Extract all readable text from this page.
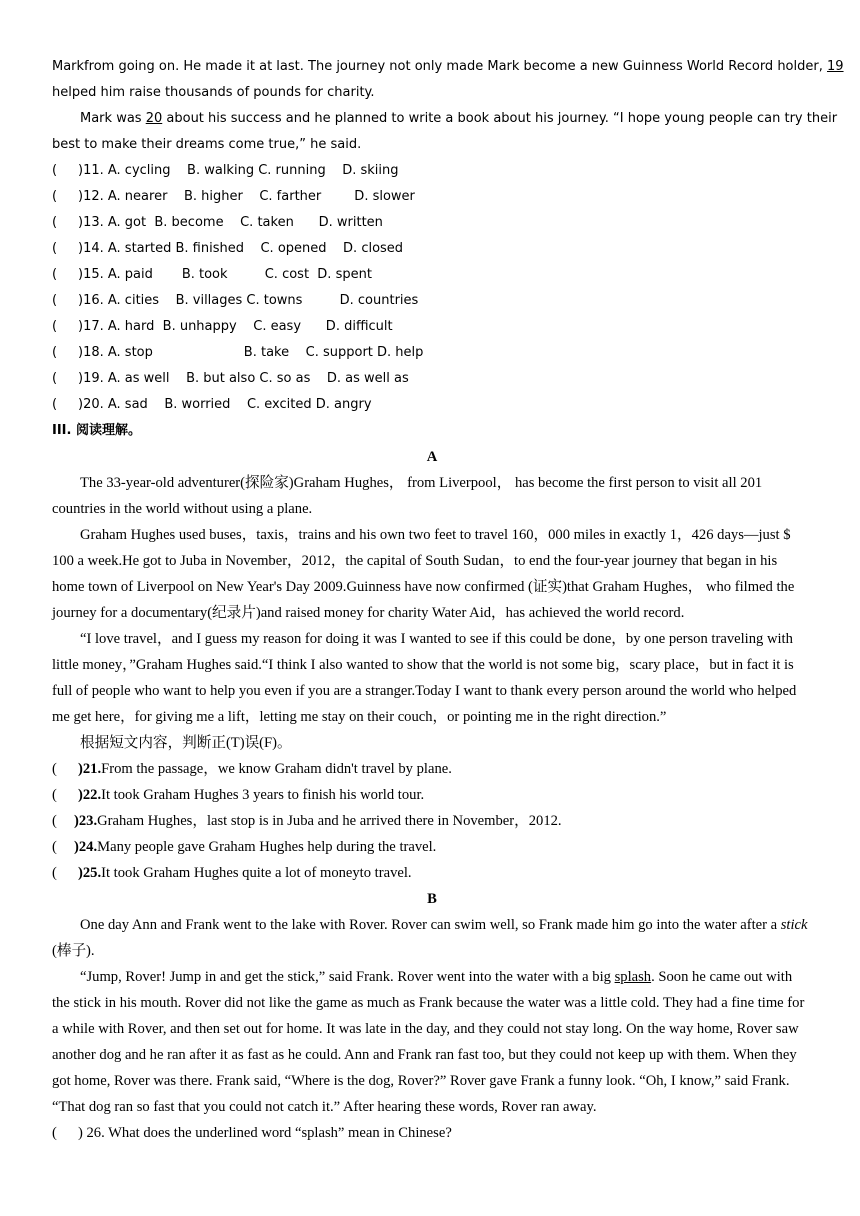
Markfrom going on. He made it at last. The journey not only made Mark become a new Guinness World Record holder, 19
helped him raise thousands of pounds for charity.
Mark was 20 about his success and he planned to write a book about his journey. “I hope young people can try their
best to make their dreams come true,” he said.
( )11. A. cycling    B. walking C. running    D. skiing
( )12. A. nearer    B. higher    C. farther        D. slower
( )13. A. got  B. become    C. taken      D. written
( )14. A. started B. finished    C. opened    D. closed
( )15. A. paid       B. took         C. cost  D. spent
( )16. A. cities    B. villages C. towns         D. countries
( )17. A. hard  B. unhappy    C. easy      D. difficult
( )18. A. stop                      B. take    C. support D. help
( )19. A. as well    B. but also C. so as    D. as well as
( )20. A. sad    B. worried    C. excited D. angry
III. 阅读理解。
A
The 33-year-old adventurer(探险家)Graham Hughes， from Liverpool， has become the first person to visit all 201 countries in the world without using a plane.
Graham Hughes used buses，taxis，trains and his own two feet to travel 160，000 miles in exactly 1，426 days—just $ 100 a week.He got to Juba in November，2012，the capital of South Sudan，to end the four-year journey that began in his home town of Liverpool on New Year's Day 2009.Guinness have now confirmed (证实)that Graham Hughes， who filmed the journey for a documentary(纪录片)and raised money for charity Water Aid，has achieved the world record.
“I love travel，and I guess my reason for doing it was I wanted to see if this could be done，by one person traveling with little money，”Graham Hughes said.“I think I also wanted to show that the world is not some big，scary place，but in fact it is full of people who want to help you even if you are a stranger.Today I want to thank every person around the world who helped me get here，for giving me a lift，letting me stay on their couch，or pointing me in the right direction.”
根据短文内容，判断正(T)误(F)。
( )21.From the passage，we know Graham didn't travel by plane.
( )22.It took Graham Hughes 3 years to finish his world tour.
( )23.Graham Hughes，last stop is in Juba and he arrived there in November，2012.
( )24.Many people gave Graham Hughes help during the travel.
( )25.It took Graham Hughes quite a lot of moneyto travel.
B
One day Ann and Frank went to the lake with Rover. Rover can swim well, so Frank made him go into the water after a stick (棒子).
“Jump, Rover! Jump in and get the stick,” said Frank. Rover went into the water with a big splash. Soon he came out with the stick in his mouth. Rover did not like the game as much as Frank because the water was a little cold. They had a fine time for a while with Rover, and then set out for home. It was late in the day, and they could not stay long. On the way home, Rover saw another dog and he ran after it as fast as he could. Ann and Frank ran fast too, but they could not keep up with them. When they got home, Rover was there. Frank said, “Where is the dog, Rover?” Rover gave Frank a funny look. “Oh, I know,” said Frank. “That dog ran so fast that you could not catch it.” After hearing these words, Rover ran away.
( ) 26. What does the underlined word “splash” mean in Chinese?
